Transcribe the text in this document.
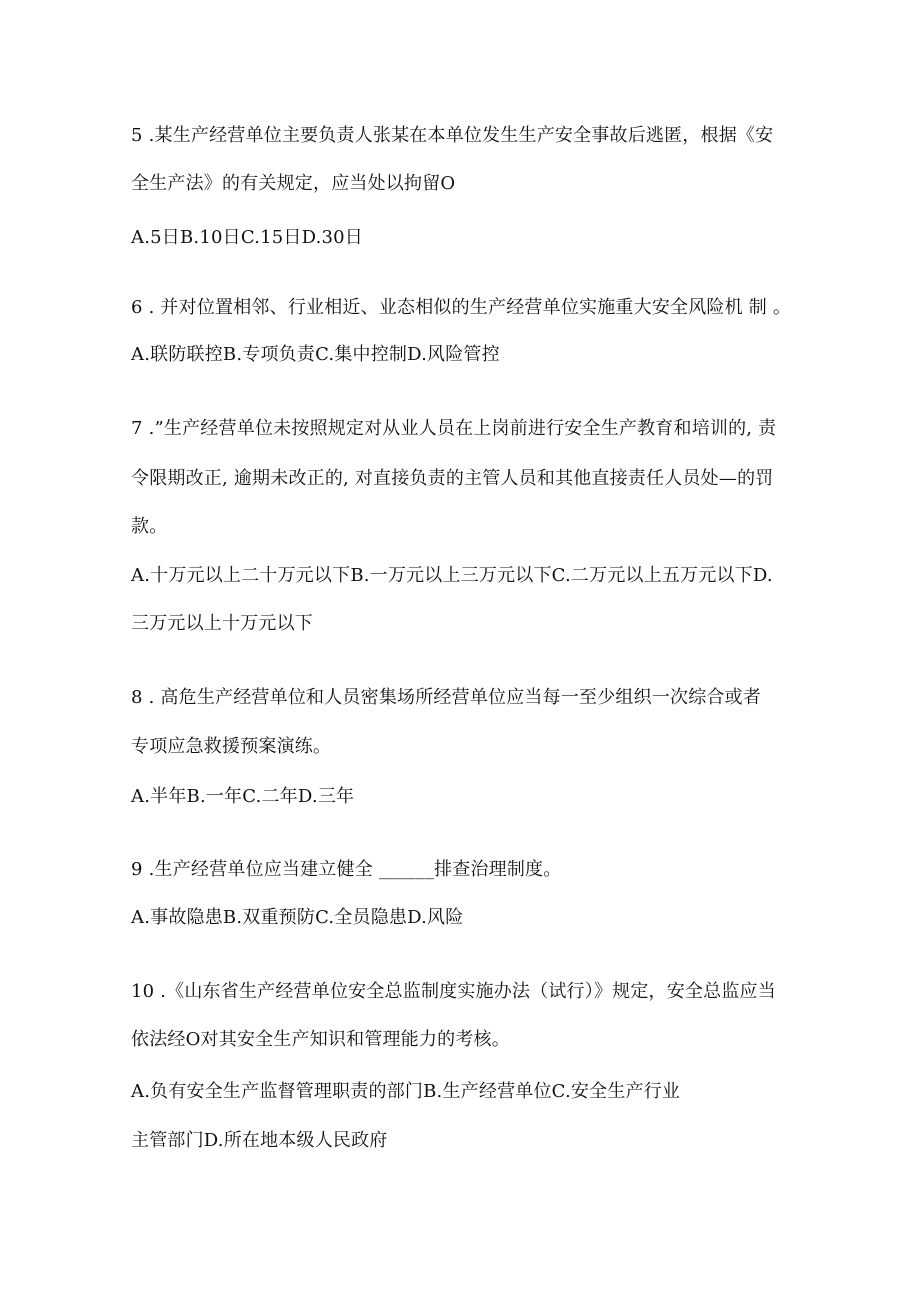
5 .某生产经营单位主要负责人张某在本单位发生生产安全事故后逃匿，根据《安
全生产法》的有关规定，应当处以拘留O
A.5日B.10日C.15日D.30日
6 . 并对位置相邻、行业相近、业态相似的生产经营单位实施重大安全风险机 制 。
A.联防联控B.专项负责C.集中控制D.风险管控
7 .”生产经营单位未按照规定对从业人员在上岗前进行安全生产教育和培训的, 责
令限期改正, 逾期未改正的, 对直接负责的主管人员和其他直接责任人员处—的罚
款。
A.十万元以上二十万元以下B.一万元以上三万元以下C.二万元以上五万元以下D.
三万元以上十万元以下
8 . 高危生产经营单位和人员密集场所经营单位应当每一至少组织一次综合或者
专项应急救援预案演练。
A.半年B.一年C.二年D.三年
9 .生产经营单位应当建立健全 ______排查治理制度。
A.事故隐患B.双重预防C.全员隐患D.风险
10 .《山东省生产经营单位安全总监制度实施办法（试行）》规定，安全总监应当
依法经O对其安全生产知识和管理能力的考核。
A.负有安全生产监督管理职责的部门B.生产经营单位C.安全生产行业
主管部门D.所在地本级人民政府
